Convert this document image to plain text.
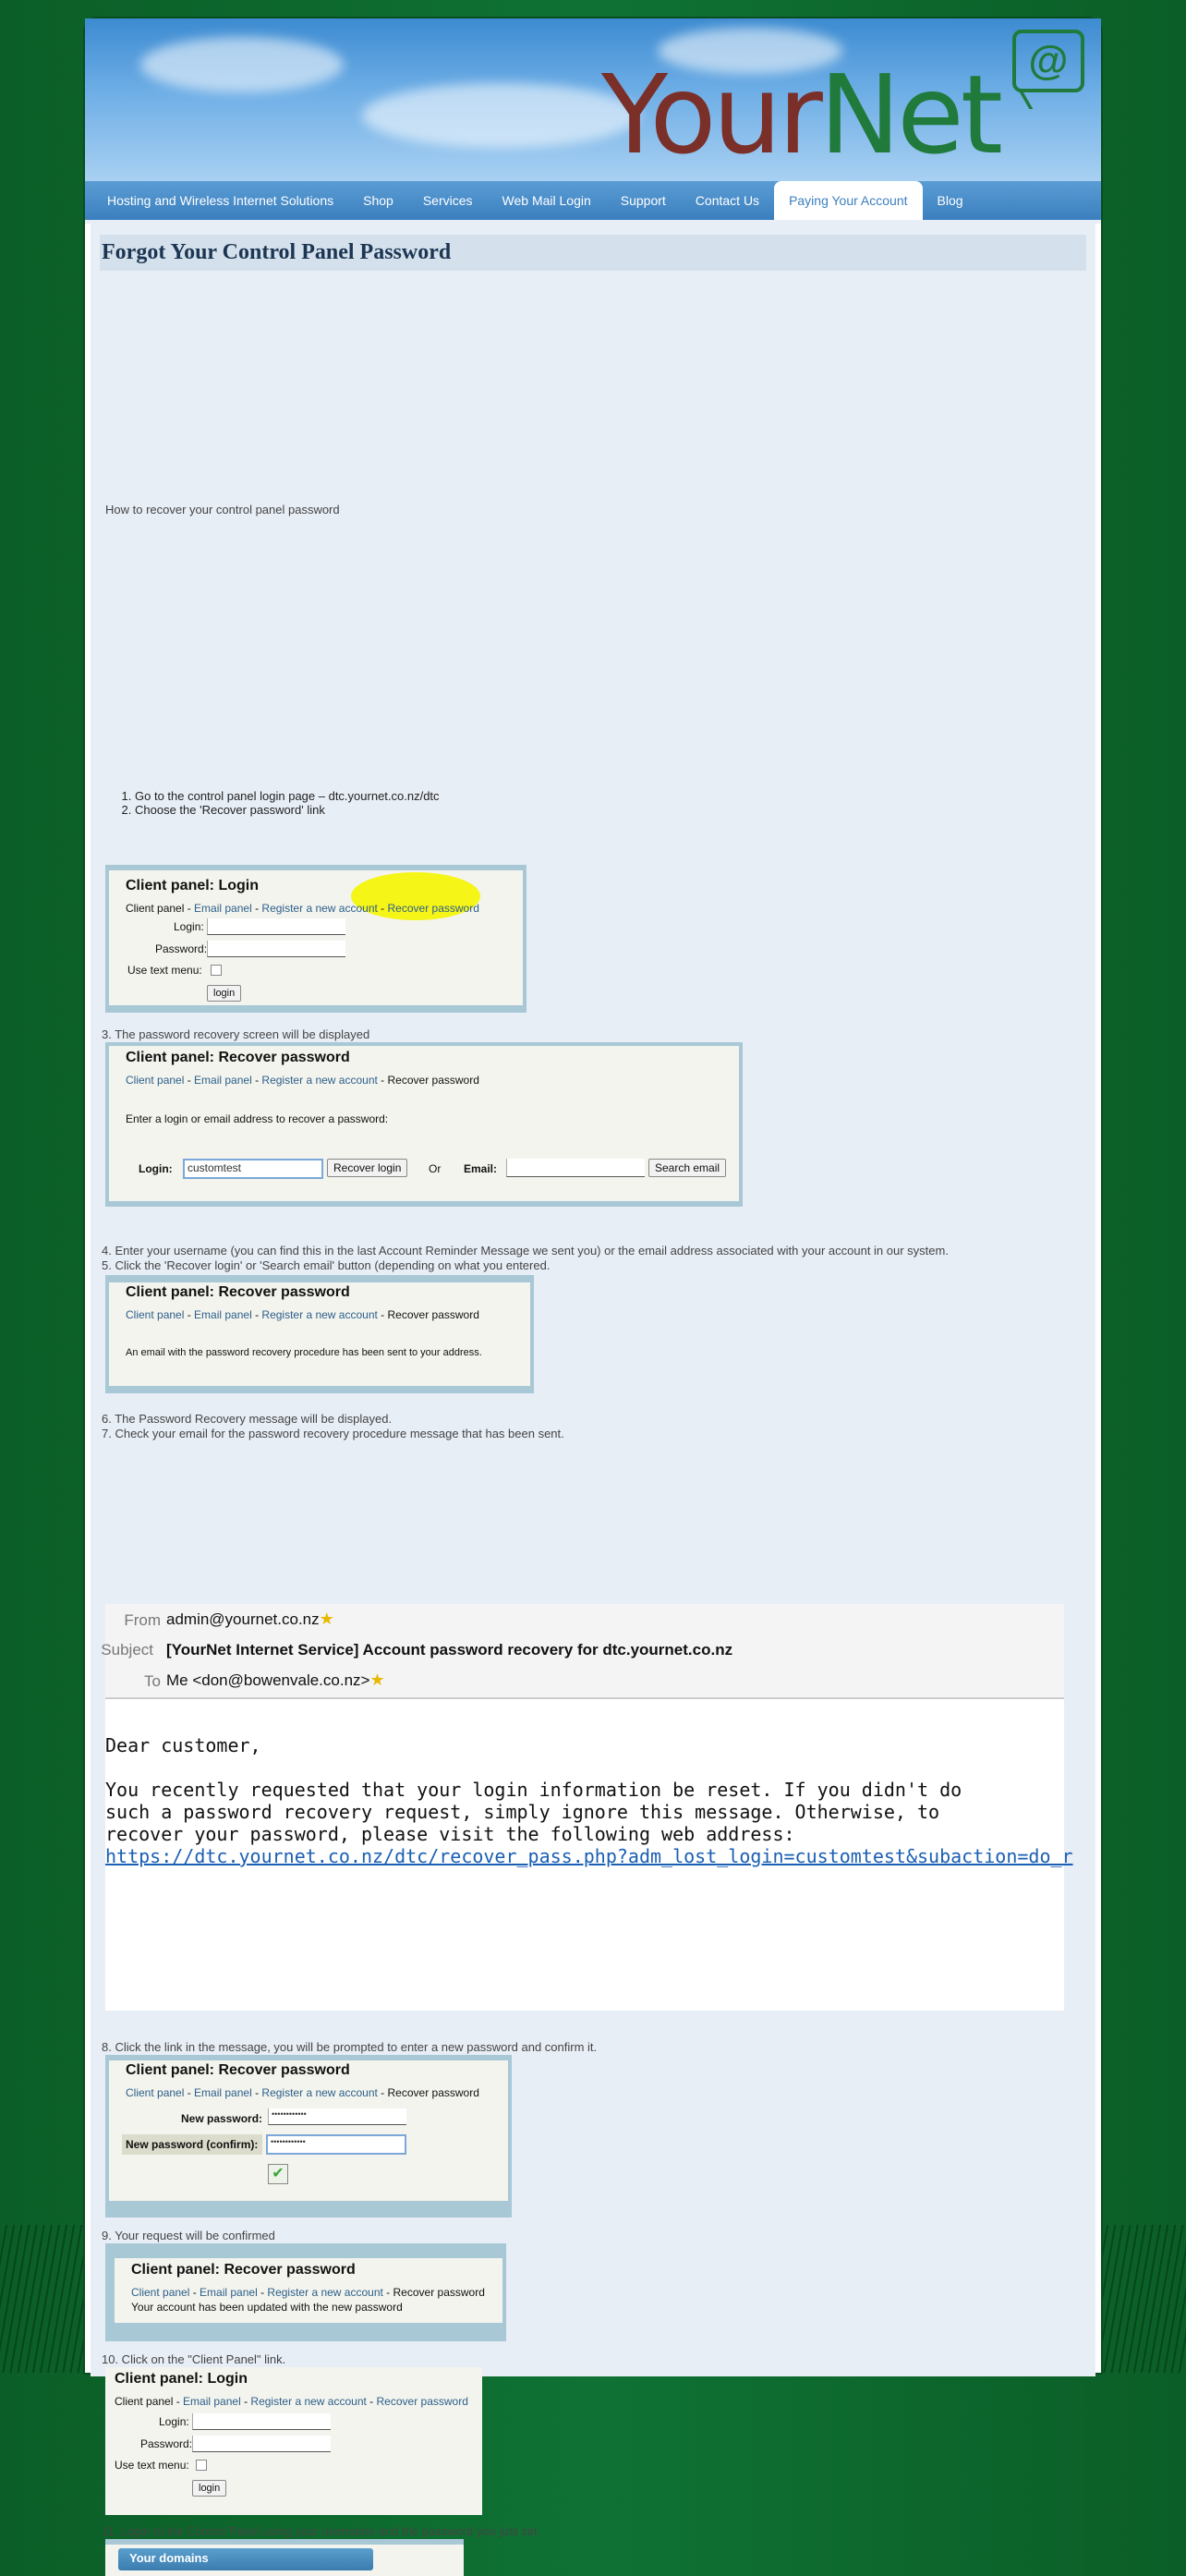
YourNet @
Hosting and Wireless Internet Solutions	Shop	Services	Web Mail Login	Support	Contact Us	Paying Your Account	Blog
Forgot Your Control Panel Password
How to recover your control panel password
1. Go to the control panel login page – dtc.yournet.co.nz/dtc
2. Choose the 'Recover password' link
Client panel: Login
Client panel - Email panel - Register a new account - Recover password
Login:
Password:
Use text menu:
login
3. The password recovery screen will be displayed
Client panel: Recover password
Client panel - Email panel - Register a new account - Recover password
Enter a login or email address to recover a password:
Login:	customtest	Recover login	Or Email:	Search email
4. Enter your username (you can find this in the last Account Reminder Message we sent you) or the email address associated with your account in our system.
5. Click the 'Recover login' or 'Search email' button (depending on what you entered.
Client panel: Recover password
Client panel - Email panel - Register a new account - Recover password
An email with the password recovery procedure has been sent to your address.
6. The Password Recovery message will be displayed.
7. Check your email for the password recovery procedure message that has been sent.
From admin@yournet.co.nz★
Subject [YourNet Internet Service] Account password recovery for dtc.yournet.co.nz
To Me <don@bowenvale.co.nz>★
Dear customer,
You recently requested that your login information be reset. If you didn't do
such a password recovery request, simply ignore this message. Otherwise, to
recover your password, please visit the following web address:
https://dtc.yournet.co.nz/dtc/recover_pass.php?adm_lost_login=customtest&subaction=do_r
8. Click the link in the message, you will be prompted to enter a new password and confirm it.
Client panel: Recover password
Client panel - Email panel - Register a new account - Recover password
New password:	••••••••••••
New password (confirm):	••••••••••••
✔
9. Your request will be confirmed
Client panel: Recover password
Client panel - Email panel - Register a new account - Recover password
Your account has been updated with the new password
10. Click on the "Client Panel" link.
Client panel: Login
Client panel - Email panel - Register a new account - Recover password
Login:
Password:
Use text menu:
login
11. Login to the Control Panel using your username and the password you just set.
Your domains
